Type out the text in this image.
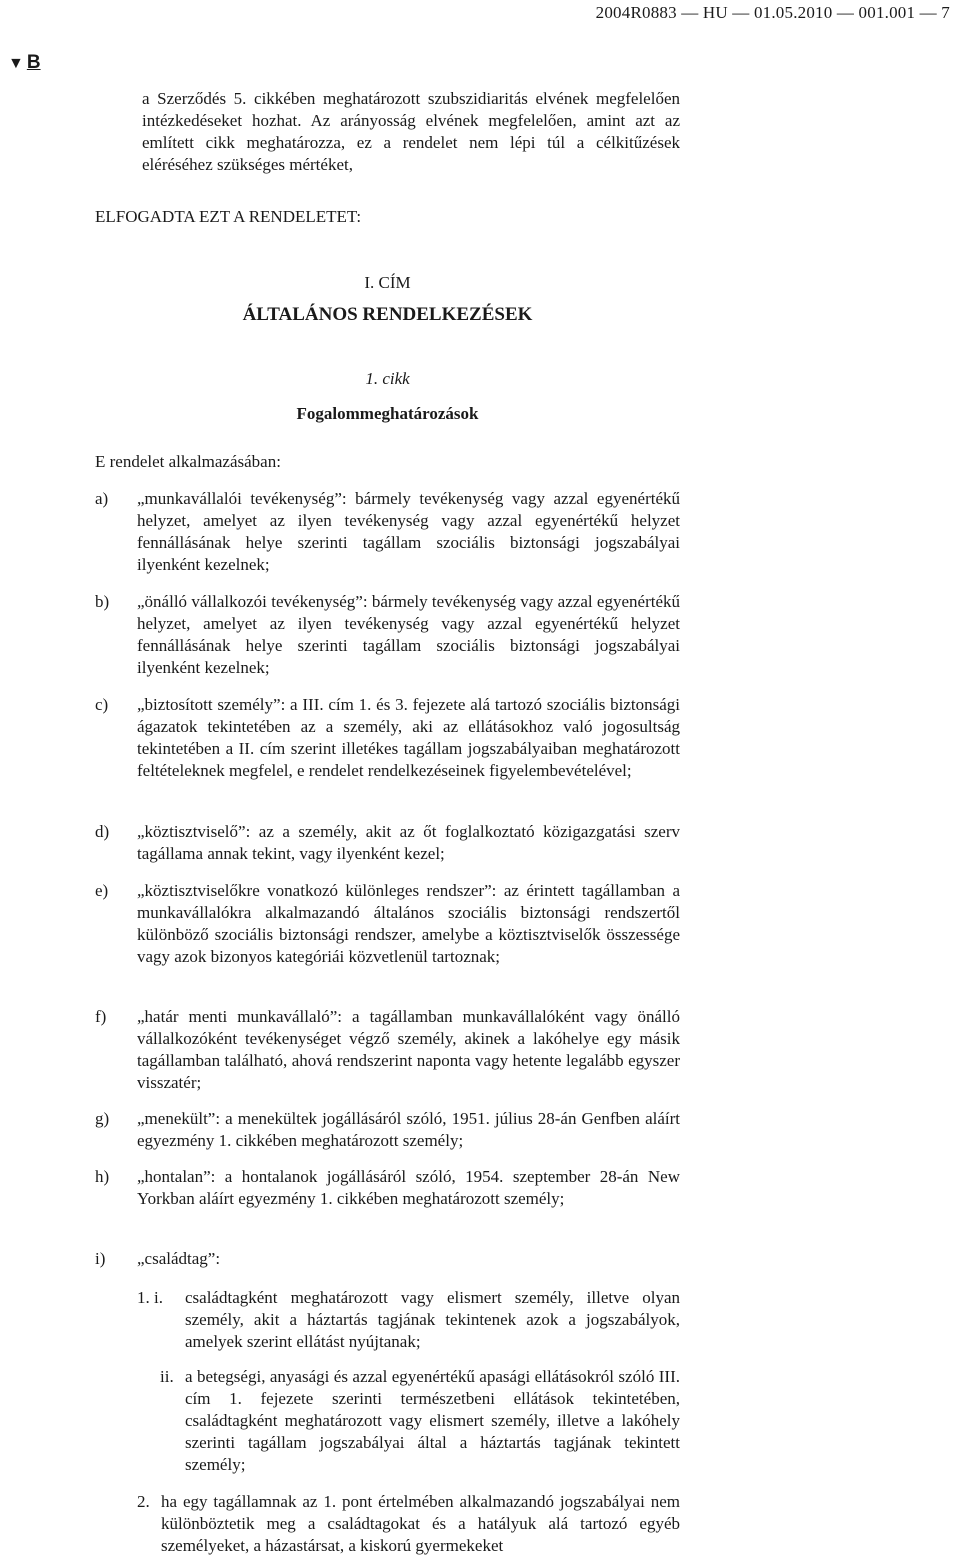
2004R0883 — HU — 01.05.2010 — 001.001 — 7
▼ B
a Szerződés 5. cikkében meghatározott szubszidiaritás elvének megfelelően intézkedéseket hozhat. Az arányosság elvének megfelelően, amint azt az említett cikk meghatározza, ez a rendelet nem lépi túl a célkitűzések eléréséhez szükséges mértéket,
ELFOGADTA EZT A RENDELETET:
I. CÍM
ÁLTALÁNOS RENDELKEZÉSEK
1. cikk
Fogalommeghatározások
E rendelet alkalmazásában:
a) „munkavállalói tevékenység”: bármely tevékenység vagy azzal egyenértékű helyzet, amelyet az ilyen tevékenység vagy azzal egyenértékű helyzet fennállásának helye szerinti tagállam szociális biztonsági jogszabályai ilyenként kezelnek;
b) „önálló vállalkozói tevékenység”: bármely tevékenység vagy azzal egyenértékű helyzet, amelyet az ilyen tevékenység vagy azzal egyenértékű helyzet fennállásának helye szerinti tagállam szociális biztonsági jogszabályai ilyenként kezelnek;
c) „biztosított személy”: a III. cím 1. és 3. fejezete alá tartozó szociális biztonsági ágazatok tekintetében az a személy, aki az ellátásokhoz való jogosultság tekintetében a II. cím szerint illetékes tagállam jogszabályaiban meghatározott feltételeknek megfelel, e rendelet rendelkezéseinek figyelembevételével;
d) „köztisztviselő”: az a személy, akit az őt foglalkoztató közigazgatási szerv tagállama annak tekint, vagy ilyenként kezel;
e) „köztisztviselőkre vonatkozó különleges rendszer”: az érintett tagállamban a munkavállalókra alkalmazandó általános szociális biztonsági rendszertől különböző szociális biztonsági rendszer, amelybe a köztisztviselők összessége vagy azok bizonyos kategóriái közvetlenül tartoznak;
f) „határ menti munkavállaló”: a tagállamban munkavállalóként vagy önálló vállalkozóként tevékenységet végző személy, akinek a lakóhelye egy másik tagállamban található, ahová rendszerint naponta vagy hetente legalább egyszer visszatér;
g) „menekült”: a menekültek jogállásáról szóló, 1951. július 28-án Genfben aláírt egyezmény 1. cikkében meghatározott személy;
h) „hontalan”: a hontalanok jogállásáról szóló, 1954. szeptember 28-án New Yorkban aláírt egyezmény 1. cikkében meghatározott személy;
i) „családtag”:
1. i. családtagként meghatározott vagy elismert személy, illetve olyan személy, akit a háztartás tagjának tekintenek azok a jogszabályok, amelyek szerint ellátást nyújtanak;
ii. a betegségi, anyasági és azzal egyenértékű apasági ellátásokról szóló III. cím 1. fejezete szerinti természetbeni ellátások tekintetében, családtagként meghatározott vagy elismert személy, illetve a lakóhely szerinti tagállam jogszabályai által a háztartás tagjának tekintett személy;
2. ha egy tagállamnak az 1. pont értelmében alkalmazandó jogszabályai nem különböztetik meg a családtagokat és a hatályuk alá tartozó egyéb személyeket, a házastársat, a kiskorú gyermekeket
